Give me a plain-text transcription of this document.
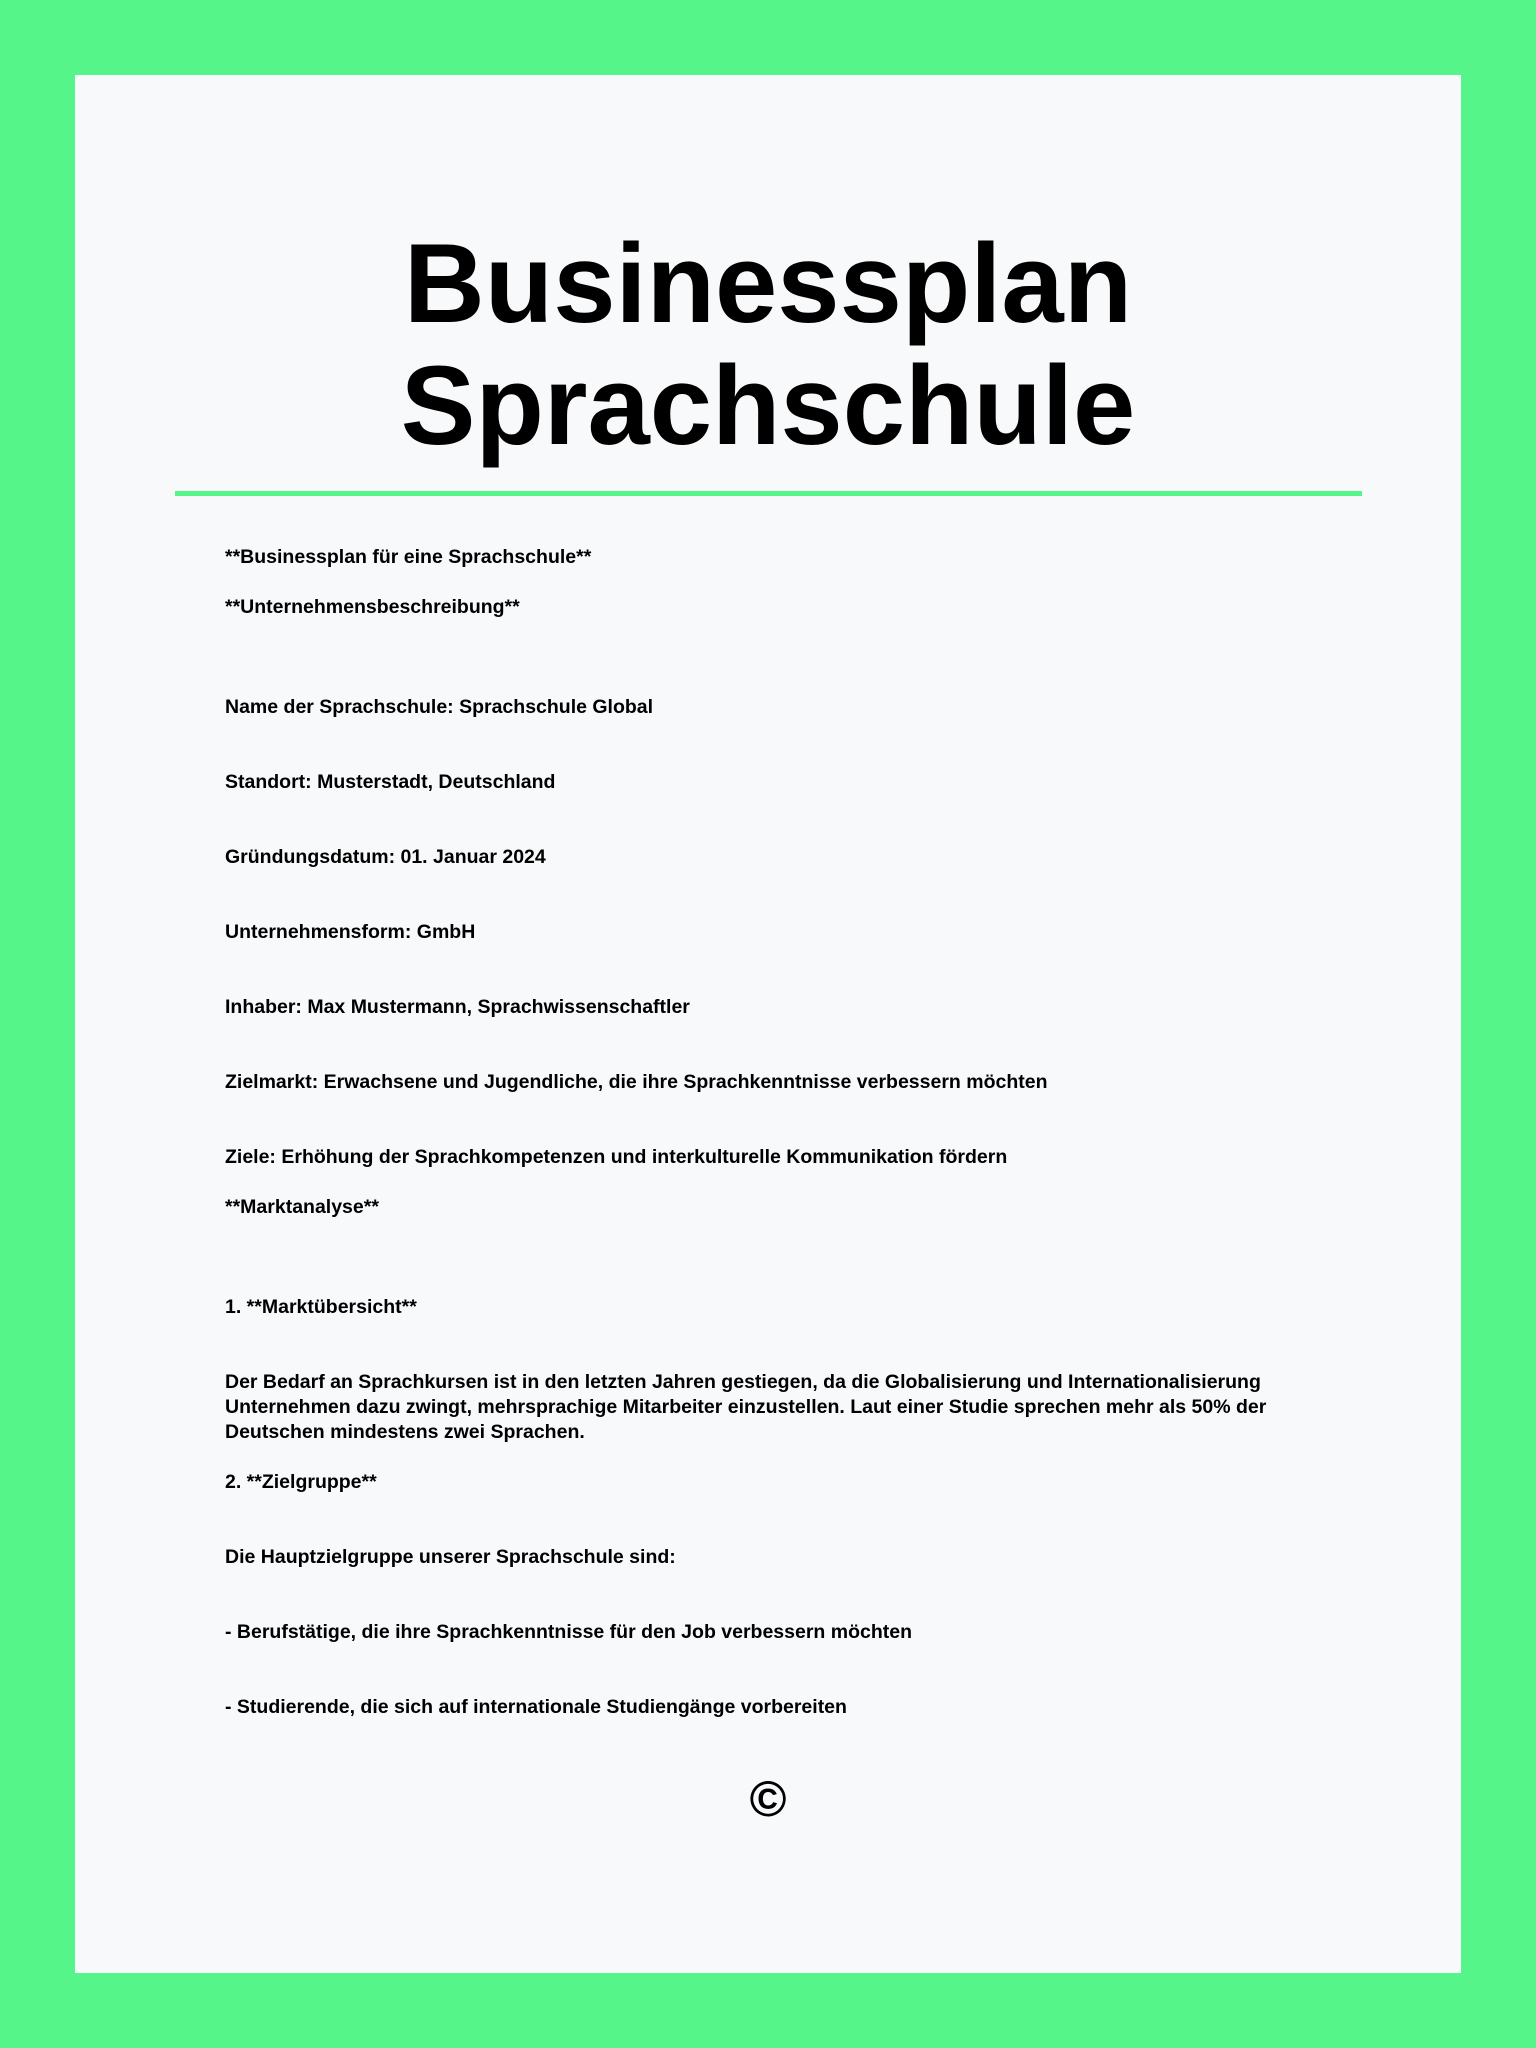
Businessplan
Sprachschule
**Businessplan für eine Sprachschule**
**Unternehmensbeschreibung**
Name der Sprachschule: Sprachschule Global
Standort: Musterstadt, Deutschland
Gründungsdatum: 01. Januar 2024
Unternehmensform: GmbH
Inhaber: Max Mustermann, Sprachwissenschaftler
Zielmarkt: Erwachsene und Jugendliche, die ihre Sprachkenntnisse verbessern möchten
Ziele: Erhöhung der Sprachkompetenzen und interkulturelle Kommunikation fördern
**Marktanalyse**
1. **Marktübersicht**
Der Bedarf an Sprachkursen ist in den letzten Jahren gestiegen, da die Globalisierung und Internationalisierung Unternehmen dazu zwingt, mehrsprachige Mitarbeiter einzustellen. Laut einer Studie sprechen mehr als 50% der Deutschen mindestens zwei Sprachen.
2. **Zielgruppe**
Die Hauptzielgruppe unserer Sprachschule sind:
- Berufstätige, die ihre Sprachkenntnisse für den Job verbessern möchten
- Studierende, die sich auf internationale Studiengänge vorbereiten
©
